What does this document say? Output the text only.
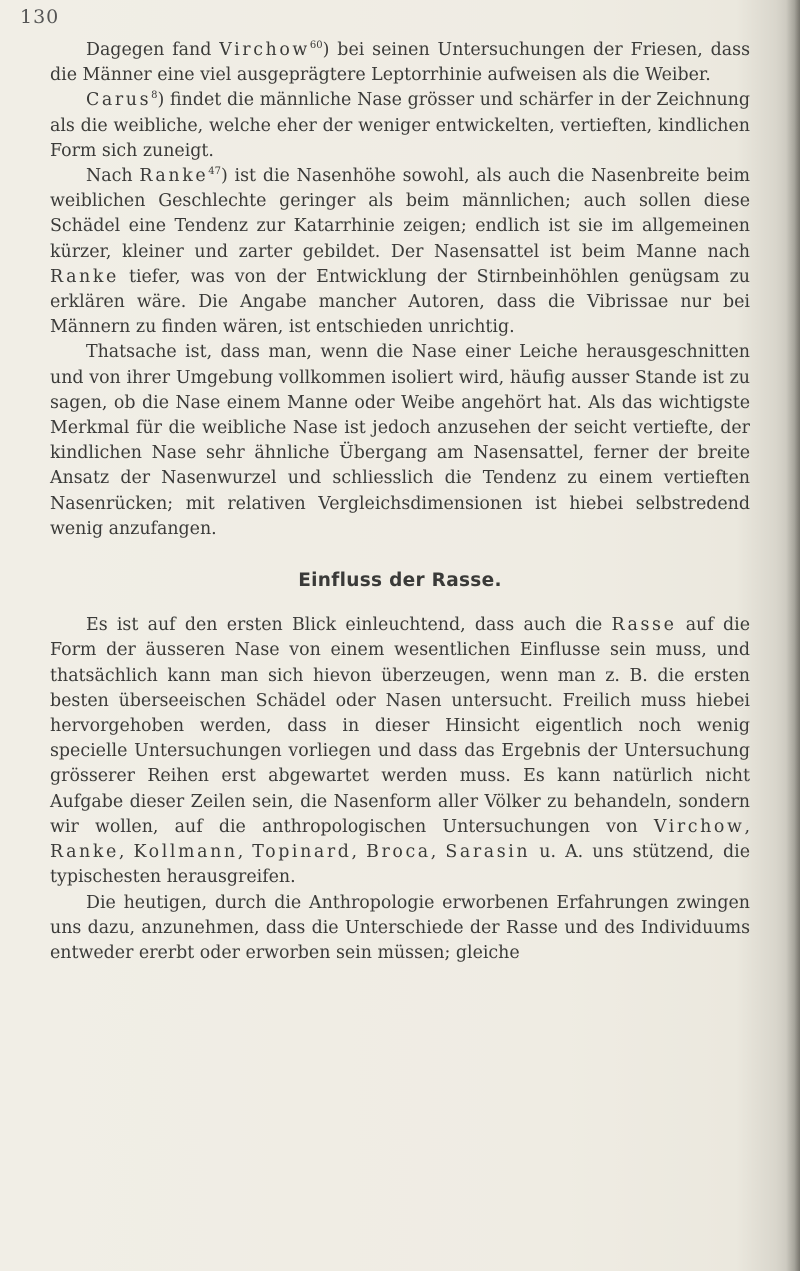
130

Dagegen fand Virchow$^{60}$) bei seinen Untersuchungen der Friesen, dass die Männer eine viel ausgeprägtere Leptorrhinie aufweisen als die Weiber.

Carus$^8$) findet die männliche Nase grösser und schärfer in der Zeichnung als die weibliche, welche eher der weniger entwickelten, vertieften, kindlichen Form sich zuneigt.

Nach Ranke$^{47}$) ist die Nasenhöhe sowohl, als auch die Nasenbreite beim weiblichen Geschlechte geringer als beim männlichen; auch sollen diese Schädel eine Tendenz zur Katarrhinie zeigen; endlich ist sie im allgemeinen kürzer, kleiner und zarter gebildet. Der Nasensattel ist beim Manne nach Ranke tiefer, was von der Entwicklung der Stirnbeinhöhlen genügsam zu erklären wäre. Die Angabe mancher Autoren, dass die Vibrissae nur bei Männern zu finden wären, ist entschieden unrichtig.

Thatsache ist, dass man, wenn die Nase einer Leiche herausgeschnitten und von ihrer Umgebung vollkommen isoliert wird, häufig ausser Stande ist zu sagen, ob die Nase einem Manne oder Weibe angehört hat. Als das wichtigste Merkmal für die weibliche Nase ist jedoch anzusehen der seicht vertiefte, der kindlichen Nase sehr ähnliche Übergang am Nasensattel, ferner der breite Ansatz der Nasenwurzel und schliesslich die Tendenz zu einem vertieften Nasenrücken; mit relativen Vergleichsdimensionen ist hiebei selbstredend wenig anzufangen.

Einfluss der Rasse.

Es ist auf den ersten Blick einleuchtend, dass auch die Rasse auf die Form der äusseren Nase von einem wesentlichen Einflusse sein muss, und thatsächlich kann man sich hievon überzeugen, wenn man z. B. die ersten besten überseeischen Schädel oder Nasen untersucht. Freilich muss hiebei hervorgehoben werden, dass in dieser Hinsicht eigentlich noch wenig specielle Untersuchungen vorliegen und dass das Ergebnis der Untersuchung grösserer Reihen erst abgewartet werden muss. Es kann natürlich nicht Aufgabe dieser Zeilen sein, die Nasenform aller Völker zu behandeln, sondern wir wollen, auf die anthropologischen Untersuchungen von Virchow, Ranke, Kollmann, Topinard, Broca, Sarasin u. A. uns stützend, die typischesten herausgreifen.

Die heutigen, durch die Anthropologie erworbenen Erfahrungen zwingen uns dazu, anzunehmen, dass die Unterschiede der Rasse und des Individuums entweder ererbt oder erworben sein müssen; gleiche
